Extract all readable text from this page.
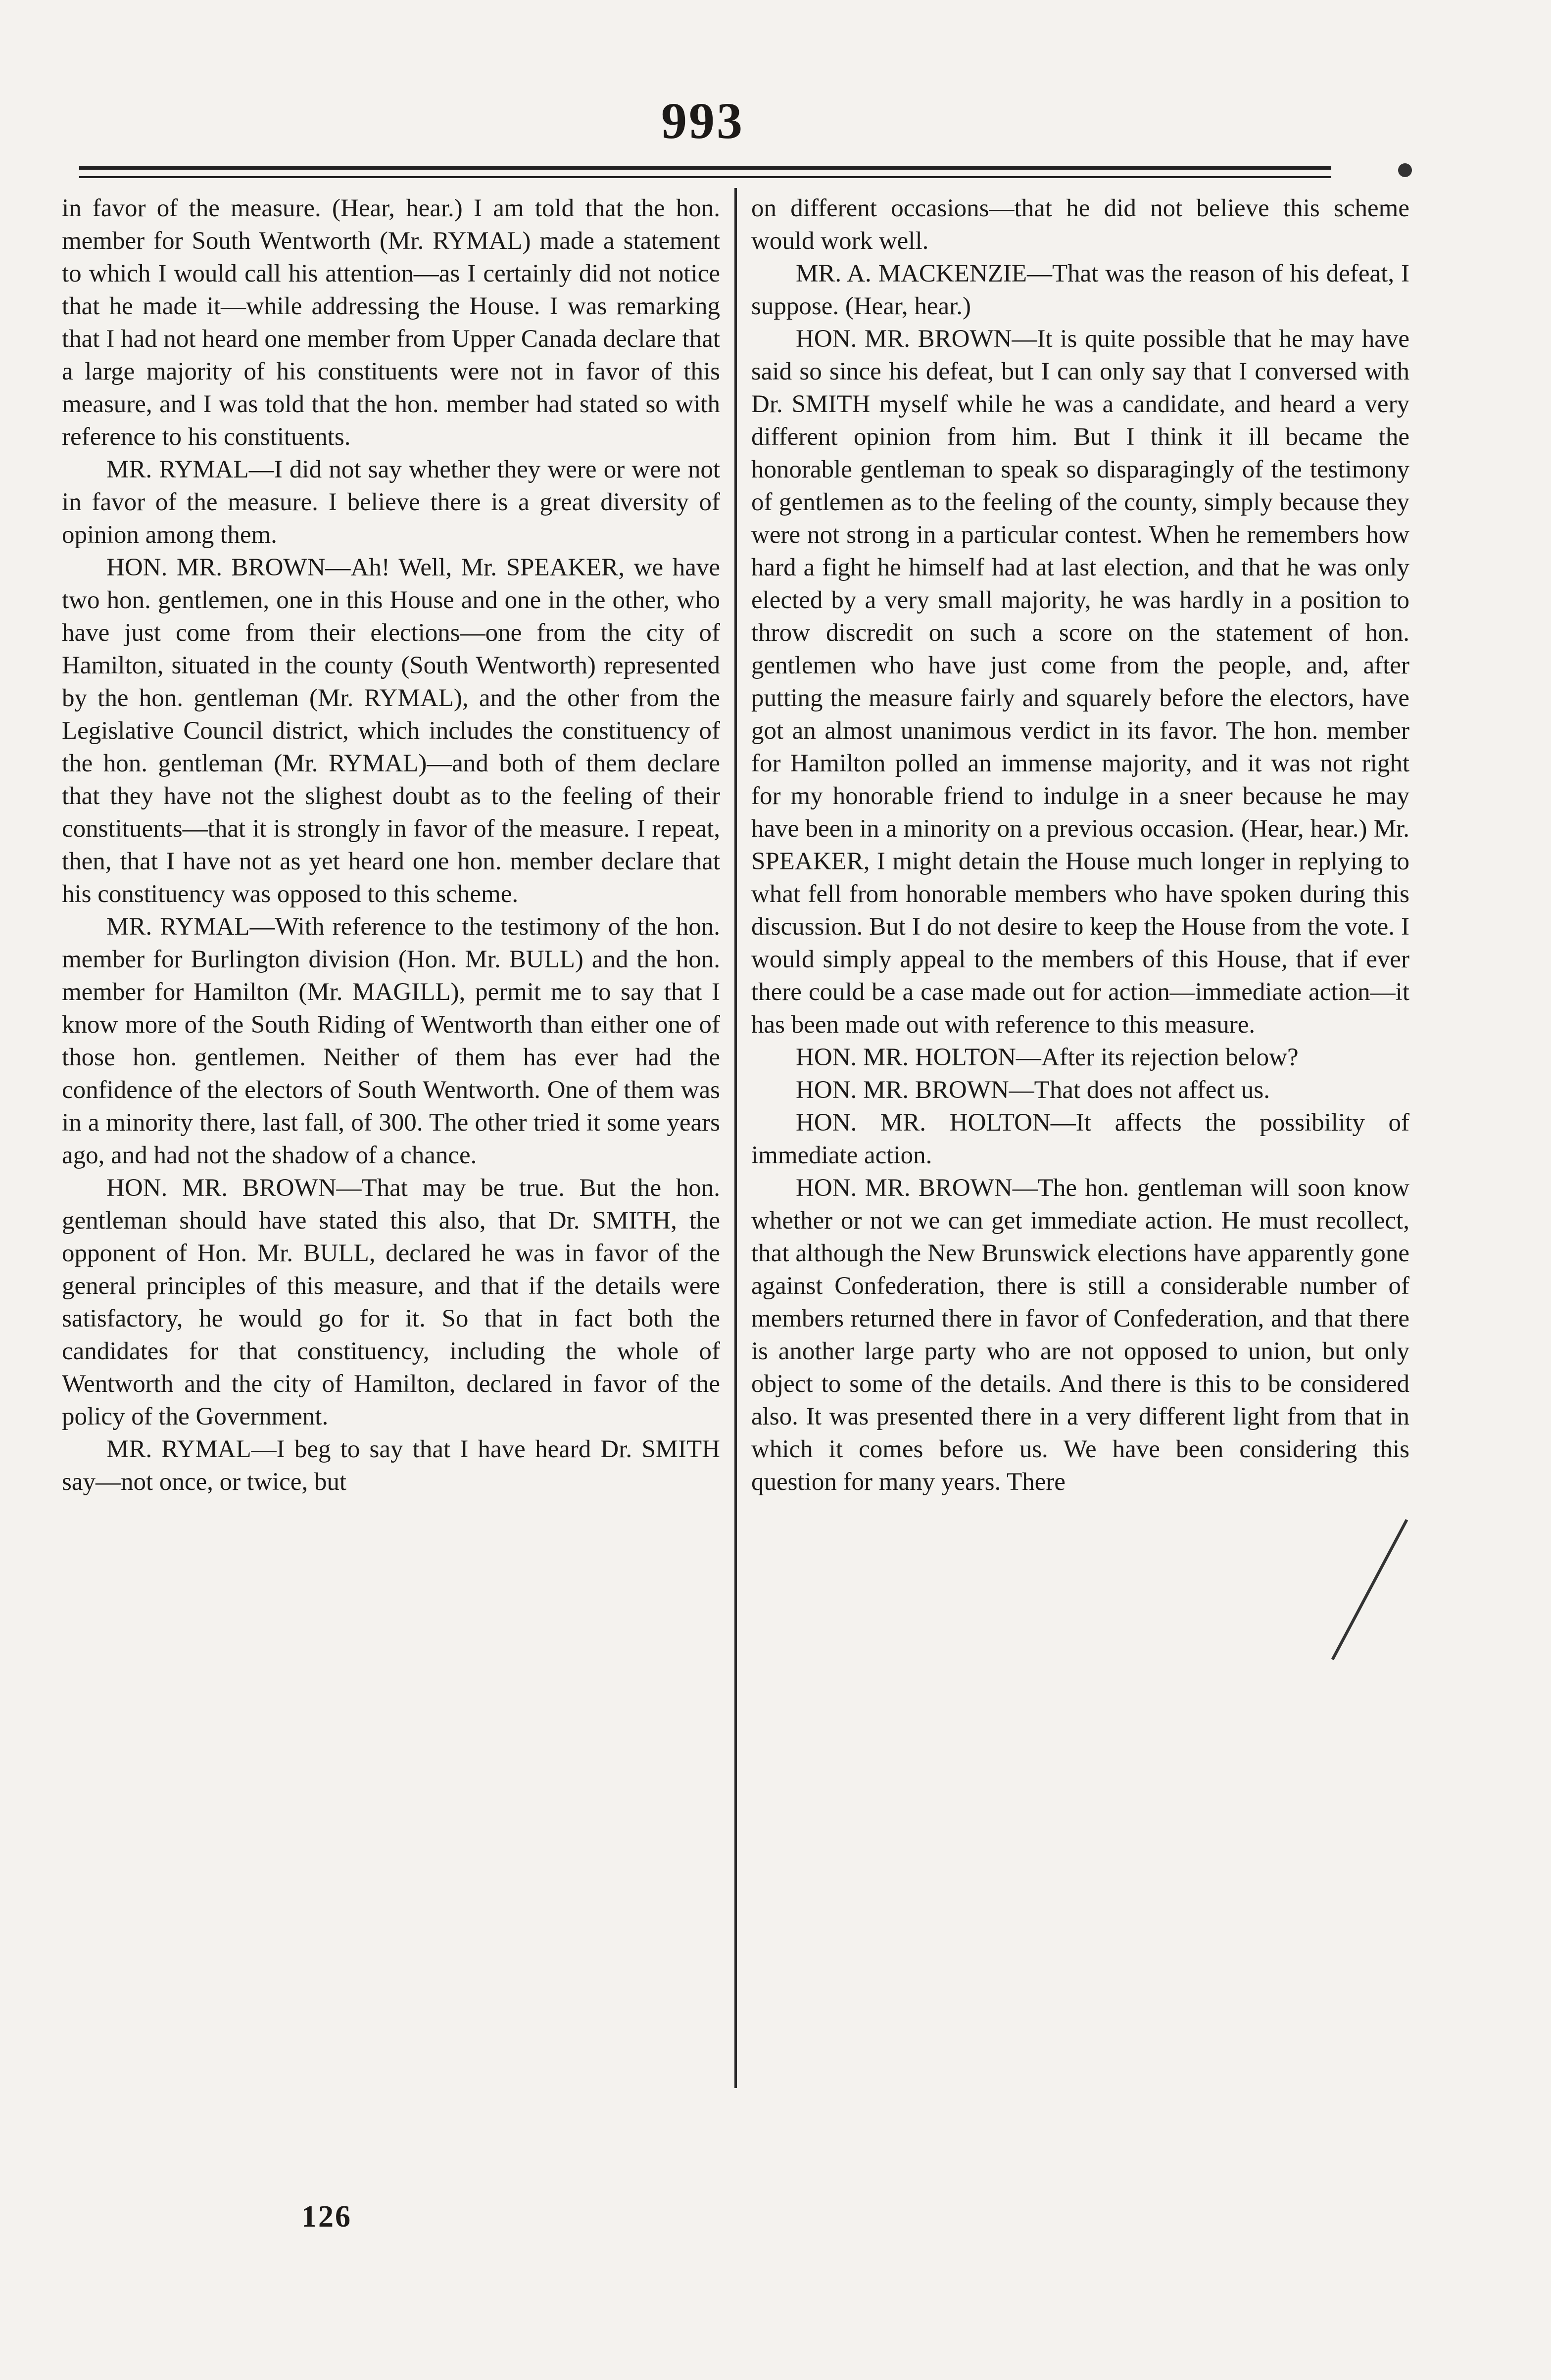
993

in favor of the measure. (Hear, hear.) I am told that the hon. member for South Wentworth (Mr. RYMAL) made a statement to which I would call his attention—as I certainly did not notice that he made it—while addressing the House. I was remarking that I had not heard one member from Upper Canada declare that a large majority of his constituents were not in favor of this measure, and I was told that the hon. member had stated so with reference to his constituents.

MR. RYMAL—I did not say whether they were or were not in favor of the measure. I believe there is a great diversity of opinion among them.

HON. MR. BROWN—Ah! Well, Mr. SPEAKER, we have two hon. gentlemen, one in this House and one in the other, who have just come from their elections—one from the city of Hamilton, situated in the county (South Wentworth) represented by the hon. gentleman (Mr. RYMAL), and the other from the Legislative Council district, which includes the constituency of the hon. gentleman (Mr. RYMAL)—and both of them declare that they have not the slighest doubt as to the feeling of their constituents—that it is strongly in favor of the measure. I repeat, then, that I have not as yet heard one hon. member declare that his constituency was opposed to this scheme.

MR. RYMAL—With reference to the testimony of the hon. member for Burlington division (Hon. Mr. BULL) and the hon. member for Hamilton (Mr. MAGILL), permit me to say that I know more of the South Riding of Wentworth than either one of those hon. gentlemen. Neither of them has ever had the confidence of the electors of South Wentworth. One of them was in a minority there, last fall, of 300. The other tried it some years ago, and had not the shadow of a chance.

HON. MR. BROWN—That may be true. But the hon. gentleman should have stated this also, that Dr. SMITH, the opponent of Hon. Mr. BULL, declared he was in favor of the general principles of this measure, and that if the details were satisfactory, he would go for it. So that in fact both the candidates for that constituency, including the whole of Wentworth and the city of Hamilton, declared in favor of the policy of the Government.

MR. RYMAL—I beg to say that I have heard Dr. SMITH say—not once, or twice, but

on different occasions—that he did not believe this scheme would work well.

MR. A. MACKENZIE—That was the reason of his defeat, I suppose. (Hear, hear.)

HON. MR. BROWN—It is quite possible that he may have said so since his defeat, but I can only say that I conversed with Dr. SMITH myself while he was a candidate, and heard a very different opinion from him. But I think it ill became the honorable gentleman to speak so disparagingly of the testimony of gentlemen as to the feeling of the county, simply because they were not strong in a particular contest. When he remembers how hard a fight he himself had at last election, and that he was only elected by a very small majority, he was hardly in a position to throw discredit on such a score on the statement of hon. gentlemen who have just come from the people, and, after putting the measure fairly and squarely before the electors, have got an almost unanimous verdict in its favor. The hon. member for Hamilton polled an immense majority, and it was not right for my honorable friend to indulge in a sneer because he may have been in a minority on a previous occasion. (Hear, hear.) Mr. SPEAKER, I might detain the House much longer in replying to what fell from honorable members who have spoken during this discussion. But I do not desire to keep the House from the vote. I would simply appeal to the members of this House, that if ever there could be a case made out for action—immediate action—it has been made out with reference to this measure.

HON. MR. HOLTON—After its rejection below?

HON. MR. BROWN—That does not affect us.

HON. MR. HOLTON—It affects the possibility of immediate action.

HON. MR. BROWN—The hon. gentleman will soon know whether or not we can get immediate action. He must recollect, that although the New Brunswick elections have apparently gone against Confederation, there is still a considerable number of members returned there in favor of Confederation, and that there is another large party who are not opposed to union, but only object to some of the details. And there is this to be considered also. It was presented there in a very different light from that in which it comes before us. We have been considering this question for many years. There

126
